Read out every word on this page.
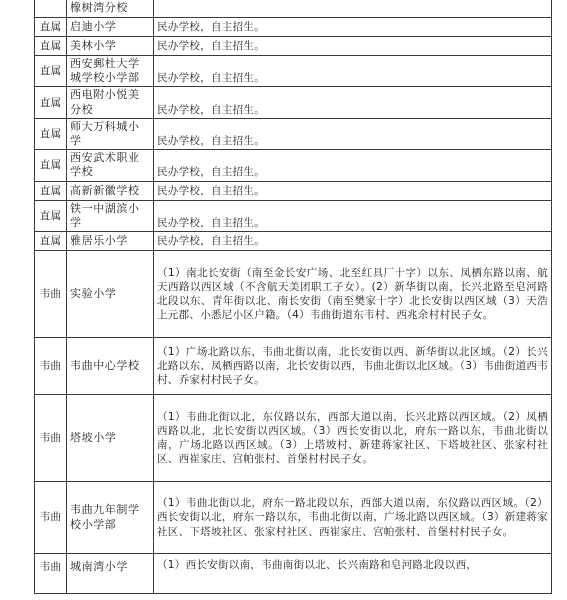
	橡树湾分校	
直属	启迪小学	民办学校，自主招生。
直属	美林小学	民办学校，自主招生。
直属	西安郵杜大学城学校小学部	民办学校，自主招生。
直属	西电附小悦美分校	民办学校，自主招生。
直属	师大万科城小学	民办学校，自主招生。
直属	西安武术职业学校	民办学校，自主招生。
直属	高新新徽学校	民办学校，自主招生。
直属	铁一中湖滨小学	民办学校，自主招生。
直属	雅居乐小学	民办学校，自主招生。
韦曲	实验小学	（1）南北长安街（南至金长安广场、北至红具厂十字）以东、凤栖东路以南、航天西路以西区域（不含航天美团职工子女）。(2）新华街以南，长兴北路至皂河路北段以东、青年街以北、南长安街（南至樊家十字）北长安街以西区域（3）天浩上元郡、小悉尼小区户籍。（4）韦曲街道东韦村、西兆余村村民子女。
韦曲	韦曲中心学校	（1）广场北路以东，韦曲北街以南，北长安街以西、新华街以北区域。（2）长兴北路以东、凤栖西路以南，北长安街以西，韦曲北街以北区域。（3）韦曲街道西韦村、乔家村村民子女。
韦曲	塔坡小学	（1）韦曲北街以北，东仪路以东，西部大道以南，长兴北路以西区域。（2）凤栖西路以北，北长安街以西区域。（3）西长安街以北，府东一路以东，韦曲北街以南，广场北路以西区域。（3）上塔坡村、新建蒋家社区、下塔坡社区、张家村社区、西崔家庄、宫帕张村、首堡村村民子女。
韦曲	韦曲九年制学校小学部	（1）韦曲北街以北，府东一路北段以东，西部大道以南，东仪路以西区域。（2）西长安街以北，府东一路以东，韦曲北街以南，广场北路以西区域。（3）新建蒋家社区、下塔坡社区、张家村社区、西崔家庄、宫帕张村、首堡村村民子女。
韦曲	城南湾小学	（1）西长安街以南，韦曲南街以北、长兴南路和皂河路北段以西，
